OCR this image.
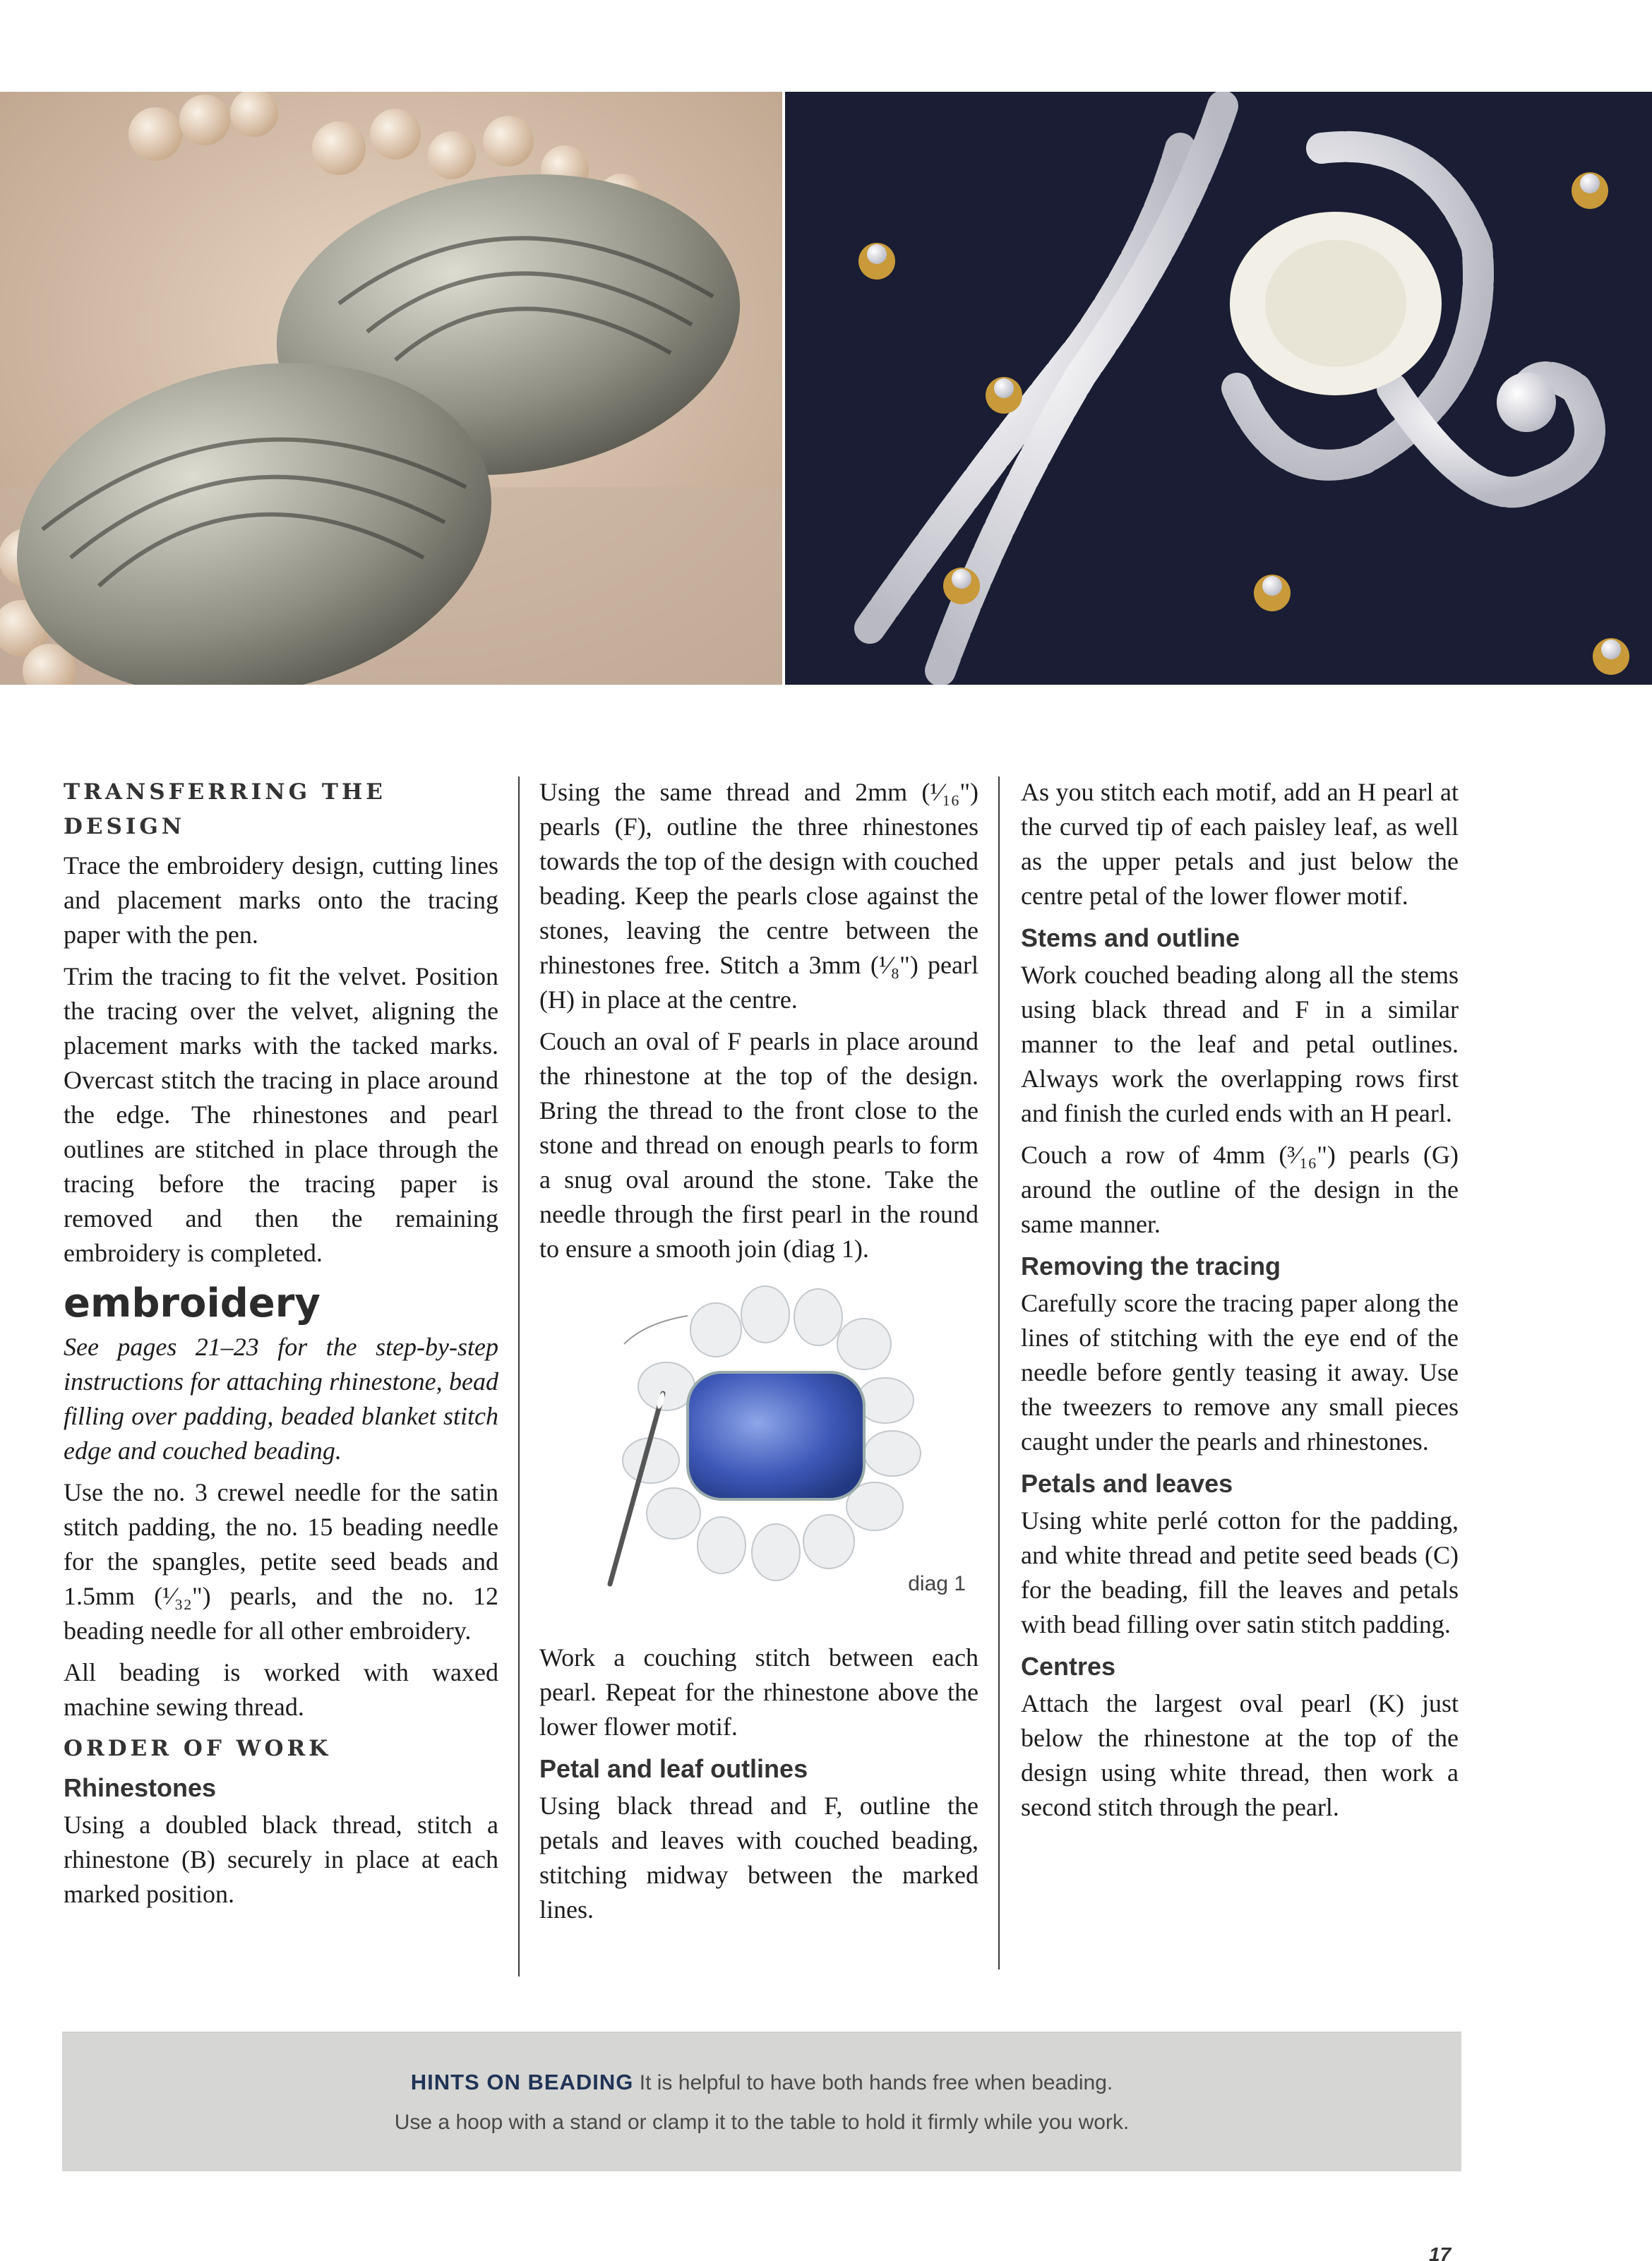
TRANSFERRING THE DESIGN

Trace the embroidery design, cutting lines and placement marks onto the tracing paper with the pen.

Trim the tracing to fit the velvet. Position the tracing over the velvet, aligning the placement marks with the tacked marks. Overcast stitch the tracing in place around the edge. The rhinestones and pearl outlines are stitched in place through the tracing before the tracing paper is removed and then the remaining embroidery is completed.

embroidery

See pages 21–23 for the step-by-step instructions for attaching rhinestone, bead filling over padding, beaded blanket stitch edge and couched beading.

Use the no. 3 crewel needle for the satin stitch padding, the no. 15 beading needle for the spangles, petite seed beads and 1.5mm (¹⁄₃₂") pearls, and the no. 12 beading needle for all other embroidery.

All beading is worked with waxed machine sewing thread.

ORDER OF WORK
Rhinestones

Using a doubled black thread, stitch a rhinestone (B) securely in place at each marked position.

Using the same thread and 2mm (¹⁄₁₆") pearls (F), outline the three rhinestones towards the top of the design with couched beading. Keep the pearls close against the stones, leaving the centre between the rhinestones free. Stitch a 3mm (¹⁄₈") pearl (H) in place at the centre.

Couch an oval of F pearls in place around the rhinestone at the top of the design. Bring the thread to the front close to the stone and thread on enough pearls to form a snug oval around the stone. Take the needle through the first pearl in the round to ensure a smooth join (diag 1).

diag 1

Work a couching stitch between each pearl. Repeat for the rhinestone above the lower flower motif.

Petal and leaf outlines

Using black thread and F, outline the petals and leaves with couched beading, stitching midway between the marked lines.

As you stitch each motif, add an H pearl at the curved tip of each paisley leaf, as well as the upper petals and just below the centre petal of the lower flower motif.

Stems and outline

Work couched beading along all the stems using black thread and F in a similar manner to the leaf and petal outlines. Always work the overlapping rows first and finish the curled ends with an H pearl.

Couch a row of 4mm (³⁄₁₆") pearls (G) around the outline of the design in the same manner.

Removing the tracing

Carefully score the tracing paper along the lines of stitching with the eye end of the needle before gently teasing it away. Use the tweezers to remove any small pieces caught under the pearls and rhinestones.

Petals and leaves

Using white perlé cotton for the padding, and white thread and petite seed beads (C) for the beading, fill the leaves and petals with bead filling over satin stitch padding.

Centres

Attach the largest oval pearl (K) just below the rhinestone at the top of the design using white thread, then work a second stitch through the pearl.

HINTS ON BEADING It is helpful to have both hands free when beading.
Use a hoop with a stand or clamp it to the table to hold it firmly while you work.
17
